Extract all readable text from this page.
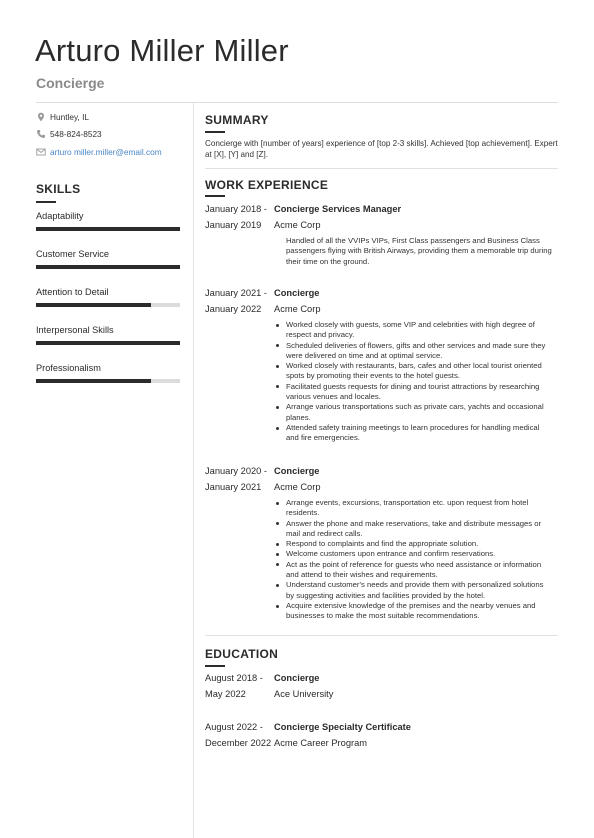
Arturo Miller Miller
Concierge
Huntley, IL
548-824-8523
arturo miller.miller@email.com
SKILLS
Adaptability
Customer Service
Attention to Detail
Interpersonal Skills
Professionalism
SUMMARY
Concierge with [number of years] experience of [top 2-3 skills]. Achieved [top achievement]. Expert at [X], [Y] and [Z].
WORK EXPERIENCE
January 2018 -
January 2019
Concierge Services Manager
Acme Corp
Handled of all the VVIPs VIPs, First Class passengers and Business Class passengers flying with British Airways, providing them a memorable trip during their time on the ground.
January 2021 -
January 2022
Concierge
Acme Corp
Worked closely with guests, some VIP and celebrities with high degree of respect and privacy.
Scheduled deliveries of flowers, gifts and other services and made sure they were delivered on time and at optimal service.
Worked closely with restaurants, bars, cafes and other local tourist oriented spots by promoting their events to the hotel guests.
Facilitated guests requests for dining and tourist attractions by researching various venues and locales.
Arrange various transportations such as private cars, yachts and occasional planes.
Attended safety training meetings to learn procedures for handling medical and fire emergencies.
January 2020 -
January 2021
Concierge
Acme Corp
Arrange events, excursions, transportation etc. upon request from hotel residents.
Answer the phone and make reservations, take and distribute messages or mail and redirect calls.
Respond to complaints and find the appropriate solution.
Welcome customers upon entrance and confirm reservations.
Act as the point of reference for guests who need assistance or information and attend to their wishes and requirements.
Understand customer's needs and provide them with personalized solutions by suggesting activities and facilities provided by the hotel.
Acquire extensive knowledge of the premises and the nearby venues and businesses to make the most suitable recommendations.
EDUCATION
August 2018 -
May 2022
Concierge
Ace University
August 2022 -
December 2022
Concierge Specialty Certificate
Acme Career Program
